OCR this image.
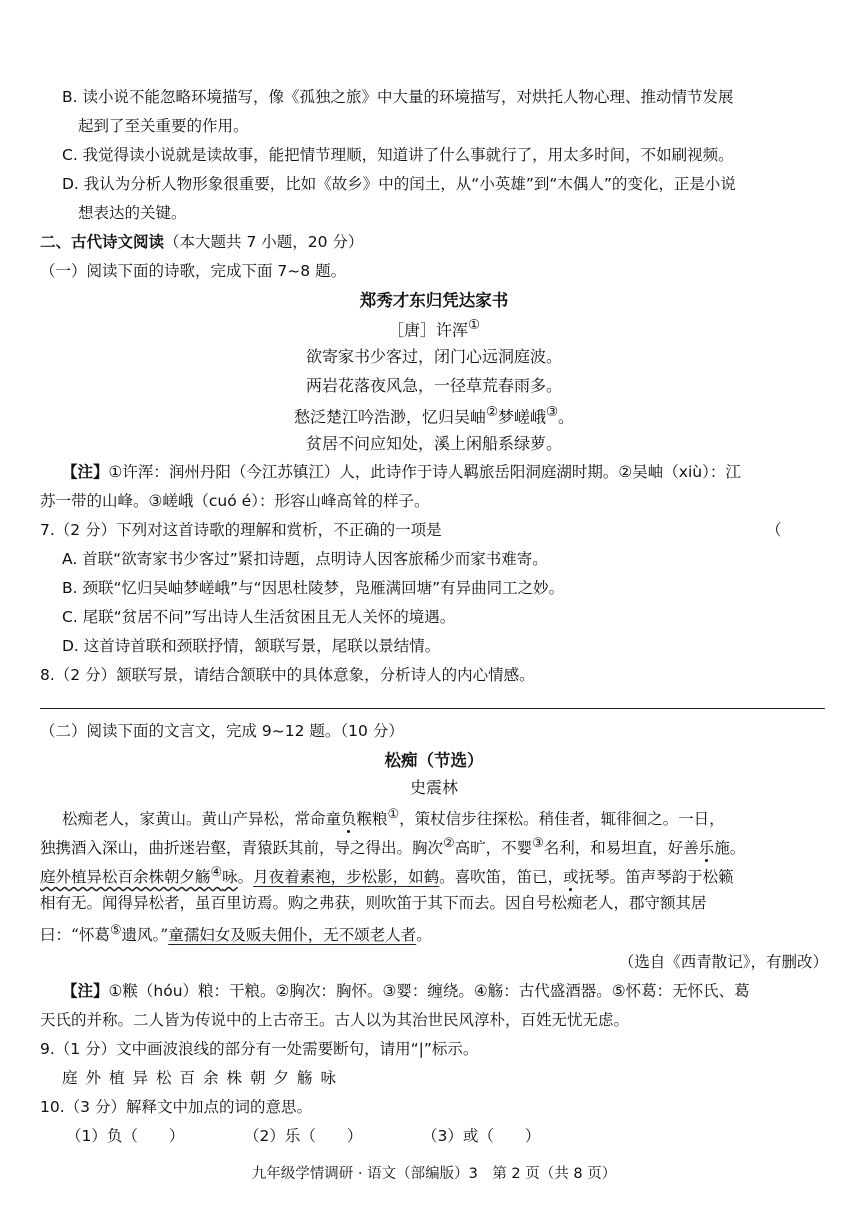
B. 读小说不能忽略环境描写，像《孤独之旅》中大量的环境描写，对烘托人物心理、推动情节发展
起到了至关重要的作用。
C. 我觉得读小说就是读故事，能把情节理顺，知道讲了什么事就行了，用太多时间，不如刷视频。
D. 我认为分析人物形象很重要，比如《故乡》中的闰土，从“小英雄”到“木偶人”的变化，正是小说
想表达的关键。
二、古代诗文阅读（本大题共 7 小题，20 分）
（一）阅读下面的诗歌，完成下面 7~8 题。
郑秀才东归凭达家书
［唐］许浑①
欲寄家书少客过，闭门心远洞庭波。
两岩花落夜风急，一径草荒春雨多。
愁泛楚江吟浩渺，忆归吴岫②梦嵯峨③。
贫居不问应知处，溪上闲船系绿萝。
【注】①许浑：润州丹阳（今江苏镇江）人，此诗作于诗人羁旅岳阳洞庭湖时期。②吴岫（xiù）：江
苏一带的山峰。③嵯峨（cuó é）：形容山峰高耸的样子。
7.（2 分）下列对这首诗歌的理解和赏析，不正确的一项是	（
A. 首联“欲寄家书少客过”紧扣诗题，点明诗人因客旅稀少而家书难寄。
B. 颈联“忆归吴岫梦嵯峨”与“因思杜陵梦，凫雁满回塘”有异曲同工之妙。
C. 尾联“贫居不问”写出诗人生活贫困且无人关怀的境遇。
D. 这首诗首联和颈联抒情，颔联写景，尾联以景结情。
8.（2 分）颔联写景，请结合颔联中的具体意象，分析诗人的内心情感。
（二）阅读下面的文言文，完成 9~12 题。（10 分）
松痴（节选）
史震林
松痴老人，家黄山。黄山产异松，常命童负糇粮①，策杖信步往探松。稍佳者，辄徘徊之。一日，
独携酒入深山，曲折迷岩壑，青猿跃其前，导之得出。胸次②高旷，不婴③名利，和易坦直，好善乐施。
庭外植异松百余株朝夕觞④咏。月夜着素袍，步松影，如鹤。喜吹笛，笛已，或抚琴。笛声琴韵于松籁
相有无。闻得异松者，虽百里访焉。购之弗获，则吹笛于其下而去。因自号松痴老人，郡守额其居
曰：“怀葛⑤遗风。”童孺妇女及贩夫佣仆，无不颂老人者。
（选自《西青散记》，有删改）
【注】①糇（hóu）粮：干粮。②胸次：胸怀。③婴：缠绕。④觞：古代盛酒器。⑤怀葛：无怀氏、葛
天氏的并称。二人皆为传说中的上古帝王。古人以为其治世民风淳朴，百姓无忧无虑。
9.（1 分）文中画波浪线的部分有一处需要断句，请用“|”标示。
庭外植异松百余株朝夕觞咏
10.（3 分）解释文中加点的词的意思。
（1）负（　　）	（2）乐（　　）	（3）或（　　）
九年级学情调研 · 语文（部编版）3　第 2 页（共 8 页）
